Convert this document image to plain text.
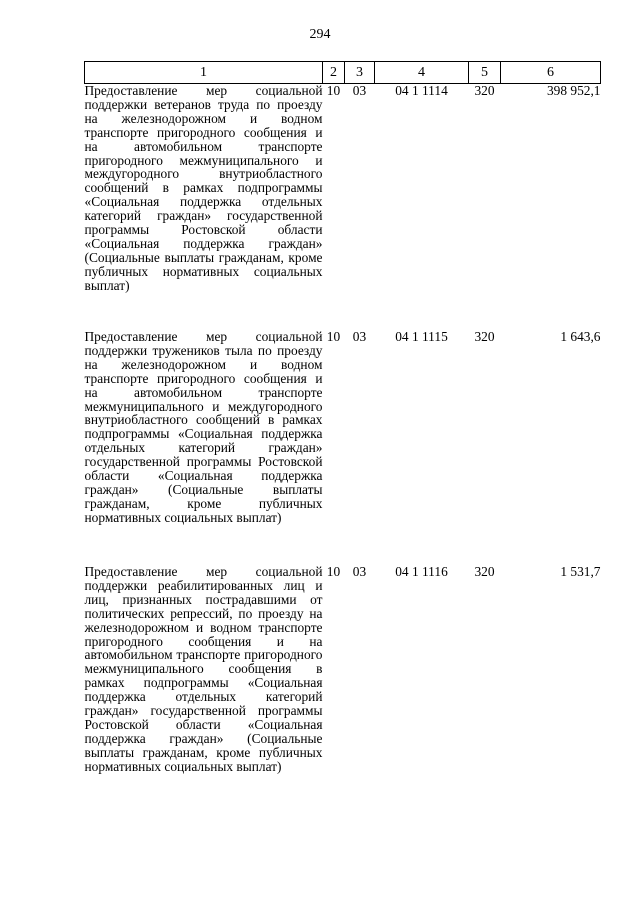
294
1	2	3	4	5	6
Предоставление мер социальной поддержки ветеранов труда по проезду на железнодорожном и водном транспорте пригородного сообщения и на автомобильном транспорте пригородного межмуниципального и междугородного внутриобластного сообщений в рамках подпрограммы «Социальная поддержка отдельных категорий граждан» государственной программы Ростовской области «Социальная поддержка граждан» (Социальные выплаты гражданам, кроме публичных нормативных социальных выплат)	10	03	04 1 1114	320	398 952,1
Предоставление мер социальной поддержки тружеников тыла по проезду на железнодорожном и водном транспорте пригородного сообщения и на автомобильном транспорте межмуниципального и междугородного внутриобластного сообщений в рамках подпрограммы «Социальная поддержка отдельных категорий граждан» государственной программы Ростовской области «Социальная поддержка граждан» (Социальные выплаты гражданам, кроме публичных нормативных социальных выплат)	10	03	04 1 1115	320	1 643,6
Предоставление мер социальной поддержки реабилитированных лиц и лиц, признанных пострадавшими от политических репрессий, по проезду на железнодорожном и водном транспорте пригородного сообщения и на автомобильном транспорте пригородного межмуниципального сообщения в рамках подпрограммы «Социальная поддержка отдельных категорий граждан» государственной программы Ростовской области «Социальная поддержка граждан» (Социальные выплаты гражданам, кроме публичных нормативных социальных выплат)	10	03	04 1 1116	320	1 531,7
